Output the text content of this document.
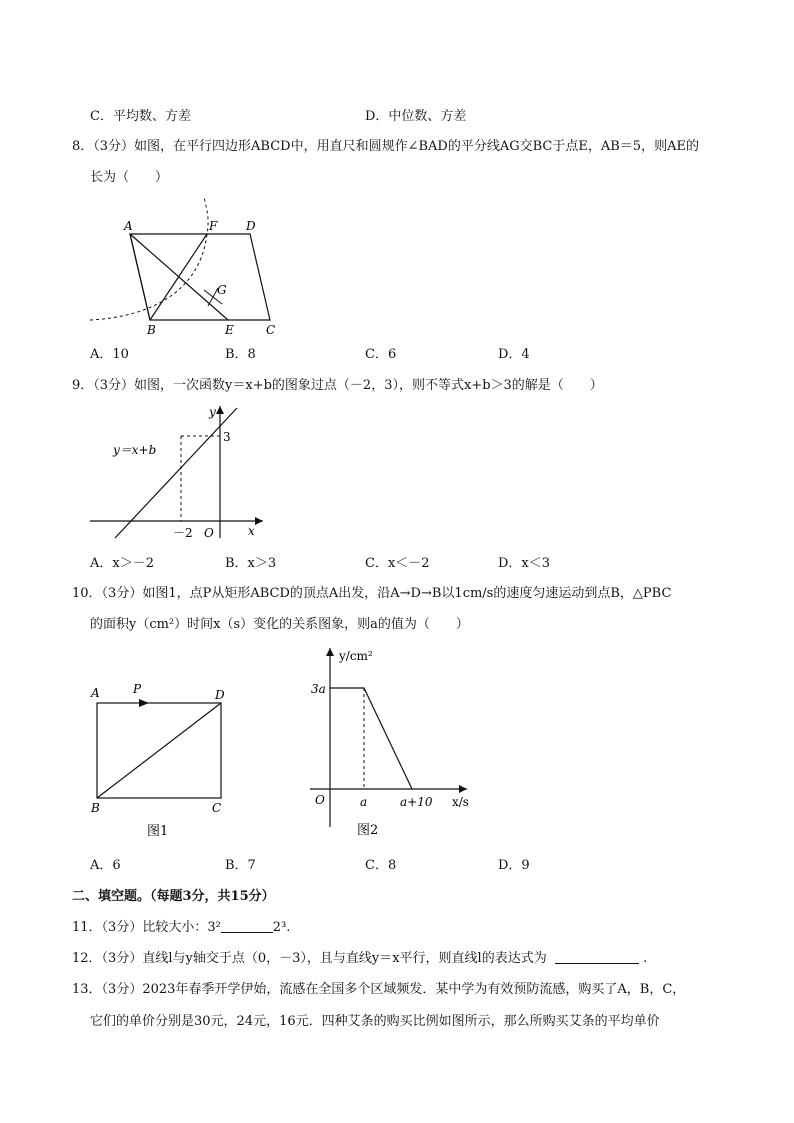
C．平均数、方差	D．中位数、方差
8．（3分）如图，在平行四边形ABCD中，用直尺和圆规作∠BAD的平分线AG交BC于点E，AB＝5，则AE的
长为（　　）
A	D
F
G
B	E	C
A．10	B．8	C．6	D．4
9．（3分）如图，一次函数y＝x+b的图象过点（－2，3），则不等式x+b＞3的解是（　　）
y
x
O
y＝x+b
3
－2
A．x＞－2	B．x＞3	C．x＜－2	D．x＜3
10．（3分）如图1，点P从矩形ABCD的顶点A出发，沿A→D→B以1cm/s的速度匀速运动到点B，△PBC
的面积y（cm²）时间x（s）变化的关系图象，则a的值为（　　）
A	P	D
B	C
图1
y/cm²
x/s
O
3a
a	a+10
图2
A．6	B．7	C．8	D．9
二、填空题。（每题3分，共15分）
11．（3分）比较大小：3²	2³.
12．（3分）直线l与y轴交于点（0，－3），且与直线y＝x平行，则直线l的表达式为	.
13．（3分）2023年春季开学伊始，流感在全国多个区域频发．某中学为有效预防流感，购买了A，B，C，
它们的单价分别是30元，24元，16元．四种艾条的购买比例如图所示，那么所购买艾条的平均单价
